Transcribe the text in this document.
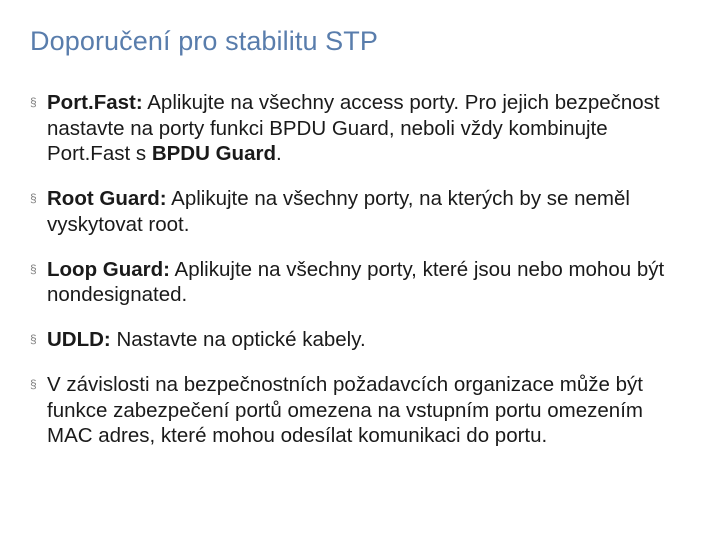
Doporučení pro stabilitu STP
§ Port.Fast: Aplikujte na všechny access porty. Pro jejich bezpečnost nastavte na porty funkci BPDU Guard, neboli vždy kombinujte Port.Fast s BPDU Guard.
§ Root Guard: Aplikujte na všechny porty, na kterých by se neměl vyskytovat root.
§ Loop Guard: Aplikujte na všechny porty, které jsou nebo mohou být nondesignated.
§ UDLD: Nastavte na optické kabely.
§ V závislosti na bezpečnostních požadavcích organizace může být funkce zabezpečení portů omezena na vstupním portu omezením MAC adres, které mohou odesílat komunikaci do portu.
